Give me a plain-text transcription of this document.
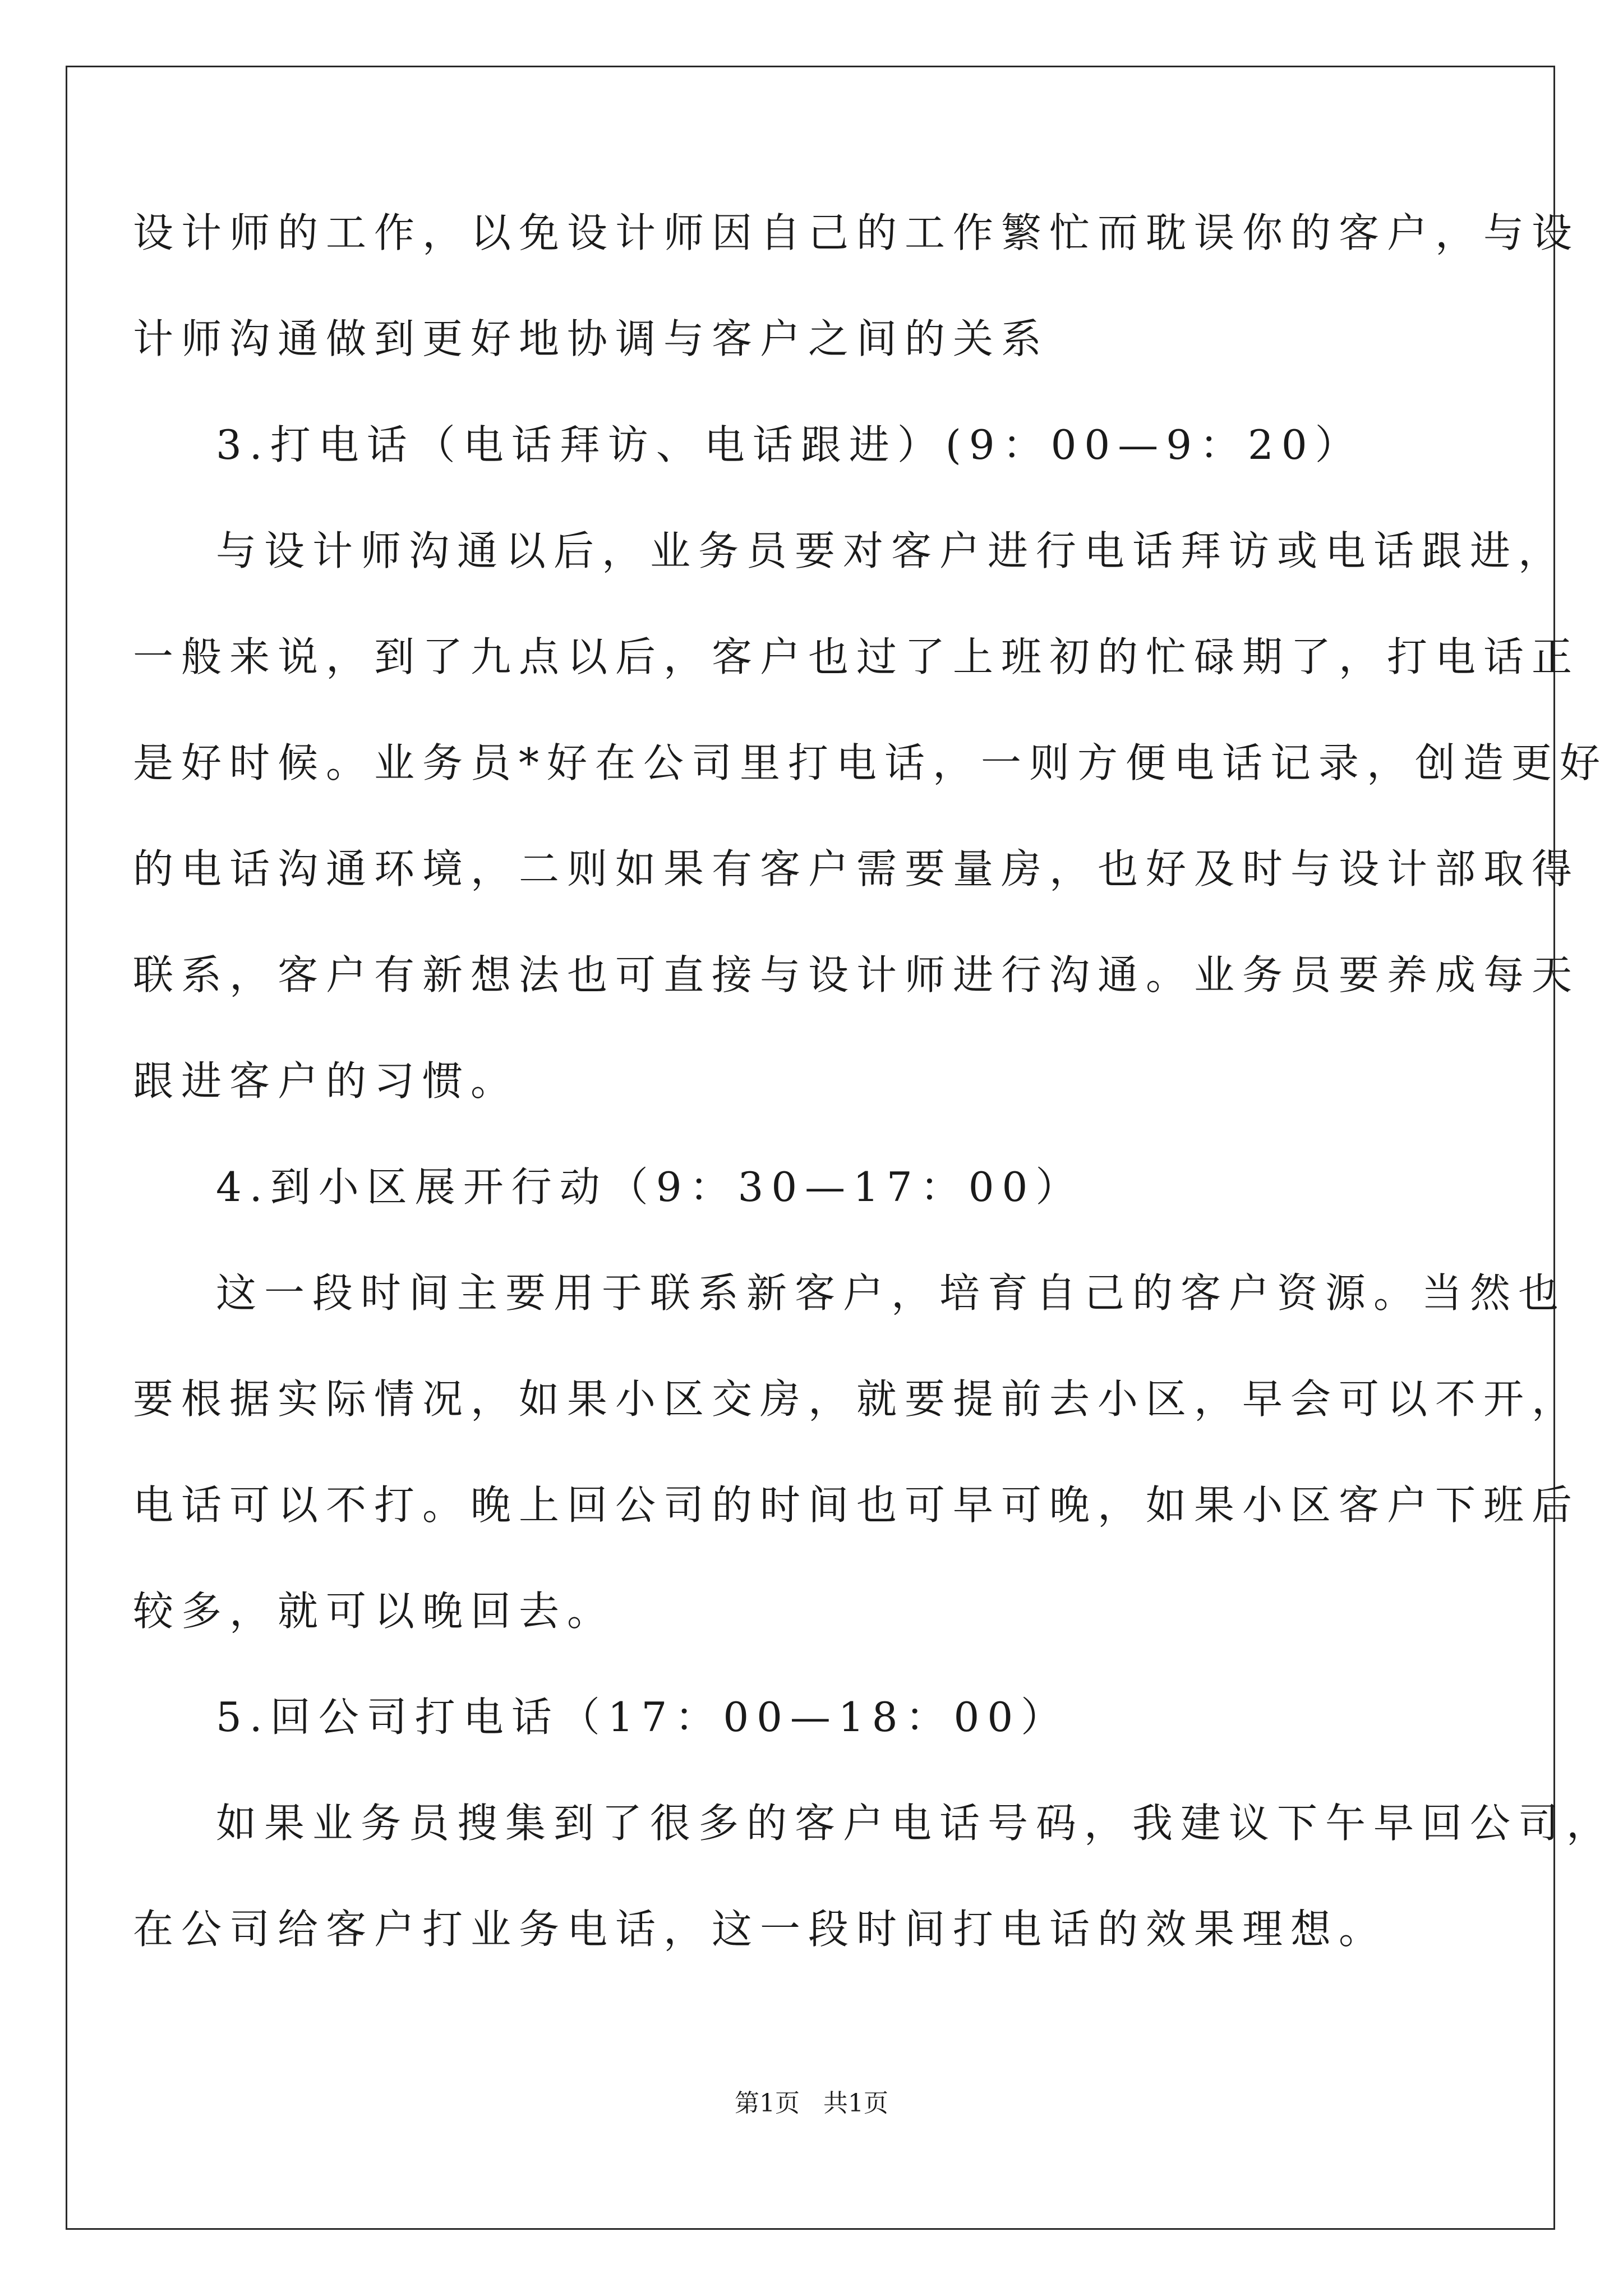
设计师的工作，以免设计师因自己的工作繁忙而耽误你的客户，与设
计师沟通做到更好地协调与客户之间的关系
3.打电话（电话拜访、电话跟进）(9：00—9：20）
与设计师沟通以后，业务员要对客户进行电话拜访或电话跟进，
一般来说，到了九点以后，客户也过了上班初的忙碌期了，打电话正
是好时候。业务员*好在公司里打电话，一则方便电话记录，创造更好
的电话沟通环境，二则如果有客户需要量房，也好及时与设计部取得
联系，客户有新想法也可直接与设计师进行沟通。业务员要养成每天
跟进客户的习惯。
4.到小区展开行动（9：30—17：00）
这一段时间主要用于联系新客户，培育自己的客户资源。当然也
要根据实际情况，如果小区交房，就要提前去小区，早会可以不开，
电话可以不打。晚上回公司的时间也可早可晚，如果小区客户下班后
较多，就可以晚回去。
5.回公司打电话（17：00—18：00）
如果业务员搜集到了很多的客户电话号码，我建议下午早回公司，
在公司给客户打业务电话，这一段时间打电话的效果理想。
第1页 共1页
